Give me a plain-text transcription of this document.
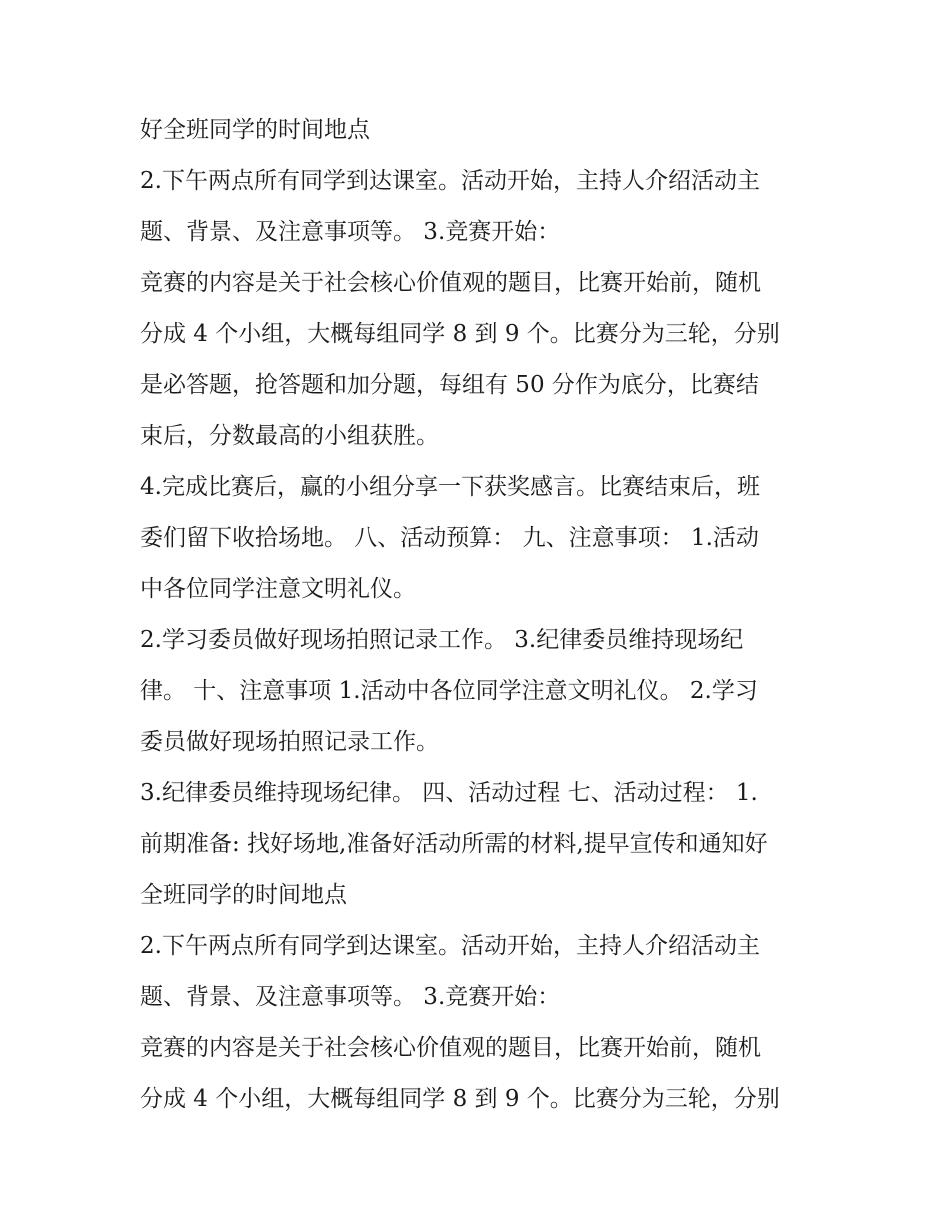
好全班同学的时间地点
2.下午两点所有同学到达课室。活动开始，主持人介绍活动主
题、背景、及注意事项等。 3.竞赛开始：
竞赛的内容是关于社会核心价值观的题目，比赛开始前，随机
分成 4 个小组，大概每组同学 8 到 9 个。比赛分为三轮，分别
是必答题，抢答题和加分题，每组有 50 分作为底分，比赛结
束后，分数最高的小组获胜。
4.完成比赛后，赢的小组分享一下获奖感言。比赛结束后，班
委们留下收拾场地。 八、活动预算： 九、注意事项： 1.活动
中各位同学注意文明礼仪。
2.学习委员做好现场拍照记录工作。 3.纪律委员维持现场纪
律。 十、注意事项 1.活动中各位同学注意文明礼仪。 2.学习
委员做好现场拍照记录工作。
3.纪律委员维持现场纪律。 四、活动过程 七、活动过程： 1.
前期准备: 找好场地,准备好活动所需的材料,提早宣传和通知好
全班同学的时间地点
2.下午两点所有同学到达课室。活动开始，主持人介绍活动主
题、背景、及注意事项等。 3.竞赛开始：
竞赛的内容是关于社会核心价值观的题目，比赛开始前，随机
分成 4 个小组，大概每组同学 8 到 9 个。比赛分为三轮，分别
